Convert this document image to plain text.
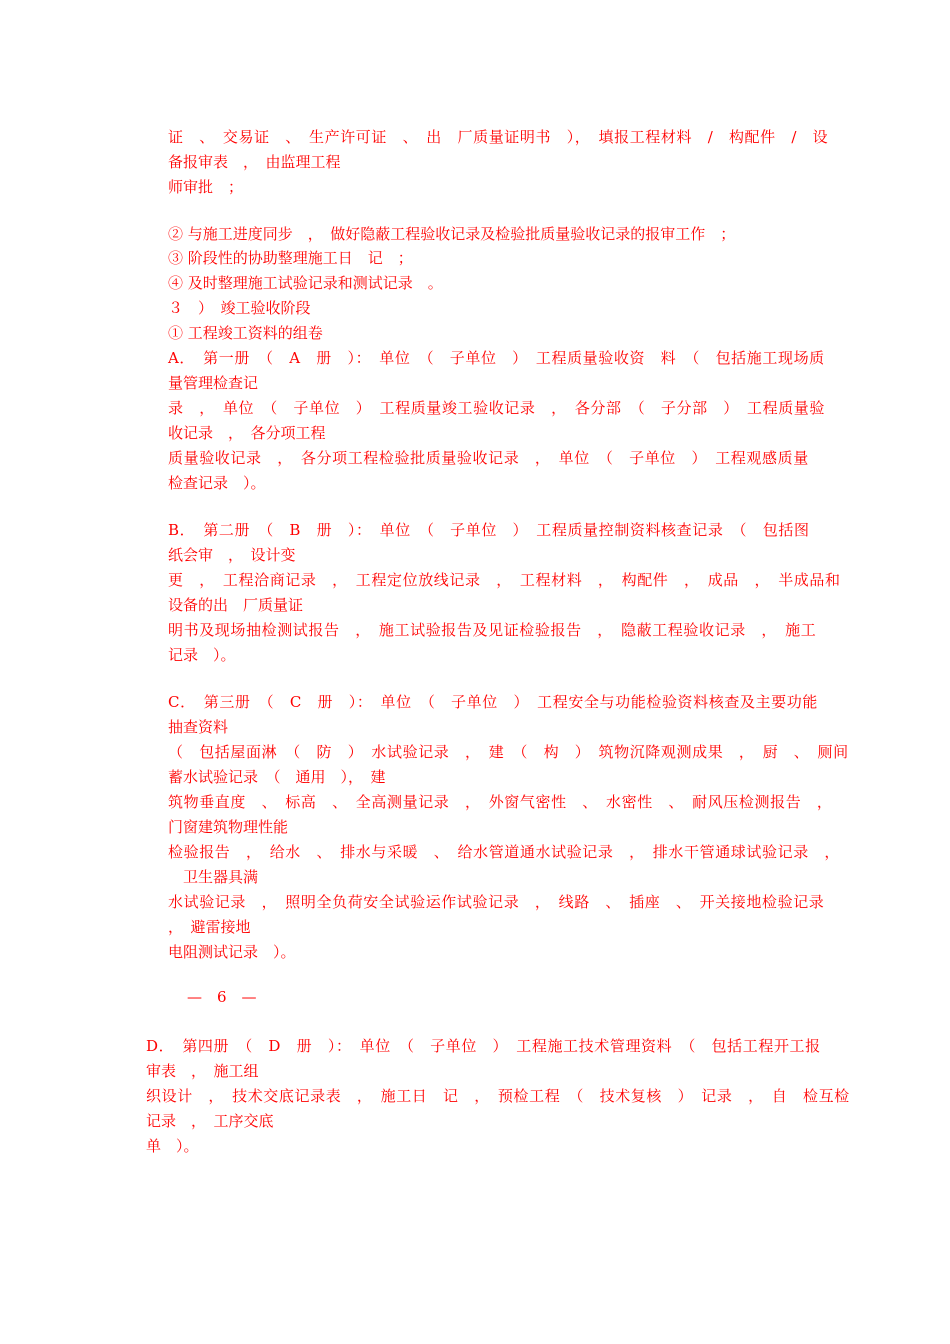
证　、　交易证　、　生产许可证　、　出　厂质量证明书　），　填报工程材料　/　构配件　/　设

备报审表　，　由监理工程

师审批　；

② 与施工进度同步　，　做好隐蔽工程验收记录及检验批质量验收记录的报审工作　；

③ 阶段性的协助整理施工日　记　；

④ 及时整理施工试验记录和测试记录　。

３　）　竣工验收阶段

① 工程竣工资料的组卷

A．　第一册　（　A　册　）：　单位　（　子单位　）　工程质量验收资　料　（　包括施工现场质

量管理检查记

录　，　单位　（　子单位　）　工程质量竣工验收记录　，　各分部　（　子分部　）　工程质量验

收记录　，　各分项工程

质量验收记录　，　各分项工程检验批质量验收记录　，　单位　（　子单位　）　工程观感质量

检查记录　）。

B．　第二册　（　B　册　）：　单位　（　子单位　）　工程质量控制资料核查记录　（　包括图

纸会审　，　设计变

更　，　工程洽商记录　，　工程定位放线记录　，　工程材料　，　构配件　，　成品　，　半成品和

设备的出　厂质量证

明书及现场抽检测试报告　，　施工试验报告及见证检验报告　，　隐蔽工程验收记录　，　施工

记录　）。

C．　第三册　（　C　册　）：　单位　（　子单位　）　工程安全与功能检验资料核查及主要功能

抽查资料

（　包括屋面淋　（　防　）　水试验记录　，　建　（　构　）　筑物沉降观测成果　，　厨　、　厕间

蓄水试验记录　（　通用　），　建

筑物垂直度　、　标高　、　全高测量记录　，　外窗气密性　、　水密性　、　耐风压检测报告　，

门窗建筑物理性能

检验报告　，　给水　、　排水与采暖　、　给水管道通水试验记录　，　排水干管通球试验记录　，

　卫生器具满

水试验记录　，　照明全负荷安全试验运作试验记录　，　线路　、　插座　、　开关接地检验记录

，　避雷接地

电阻测试记录　）。

—　6　—

D．　第四册　（　D　册　）：　单位　（　子单位　）　工程施工技术管理资料　（　包括工程开工报

审表　，　施工组

织设计　，　技术交底记录表　，　施工日　记　，　预检工程　（　技术复核　）　记录　，　自　检互检

记录　，　工序交底

单　）。
